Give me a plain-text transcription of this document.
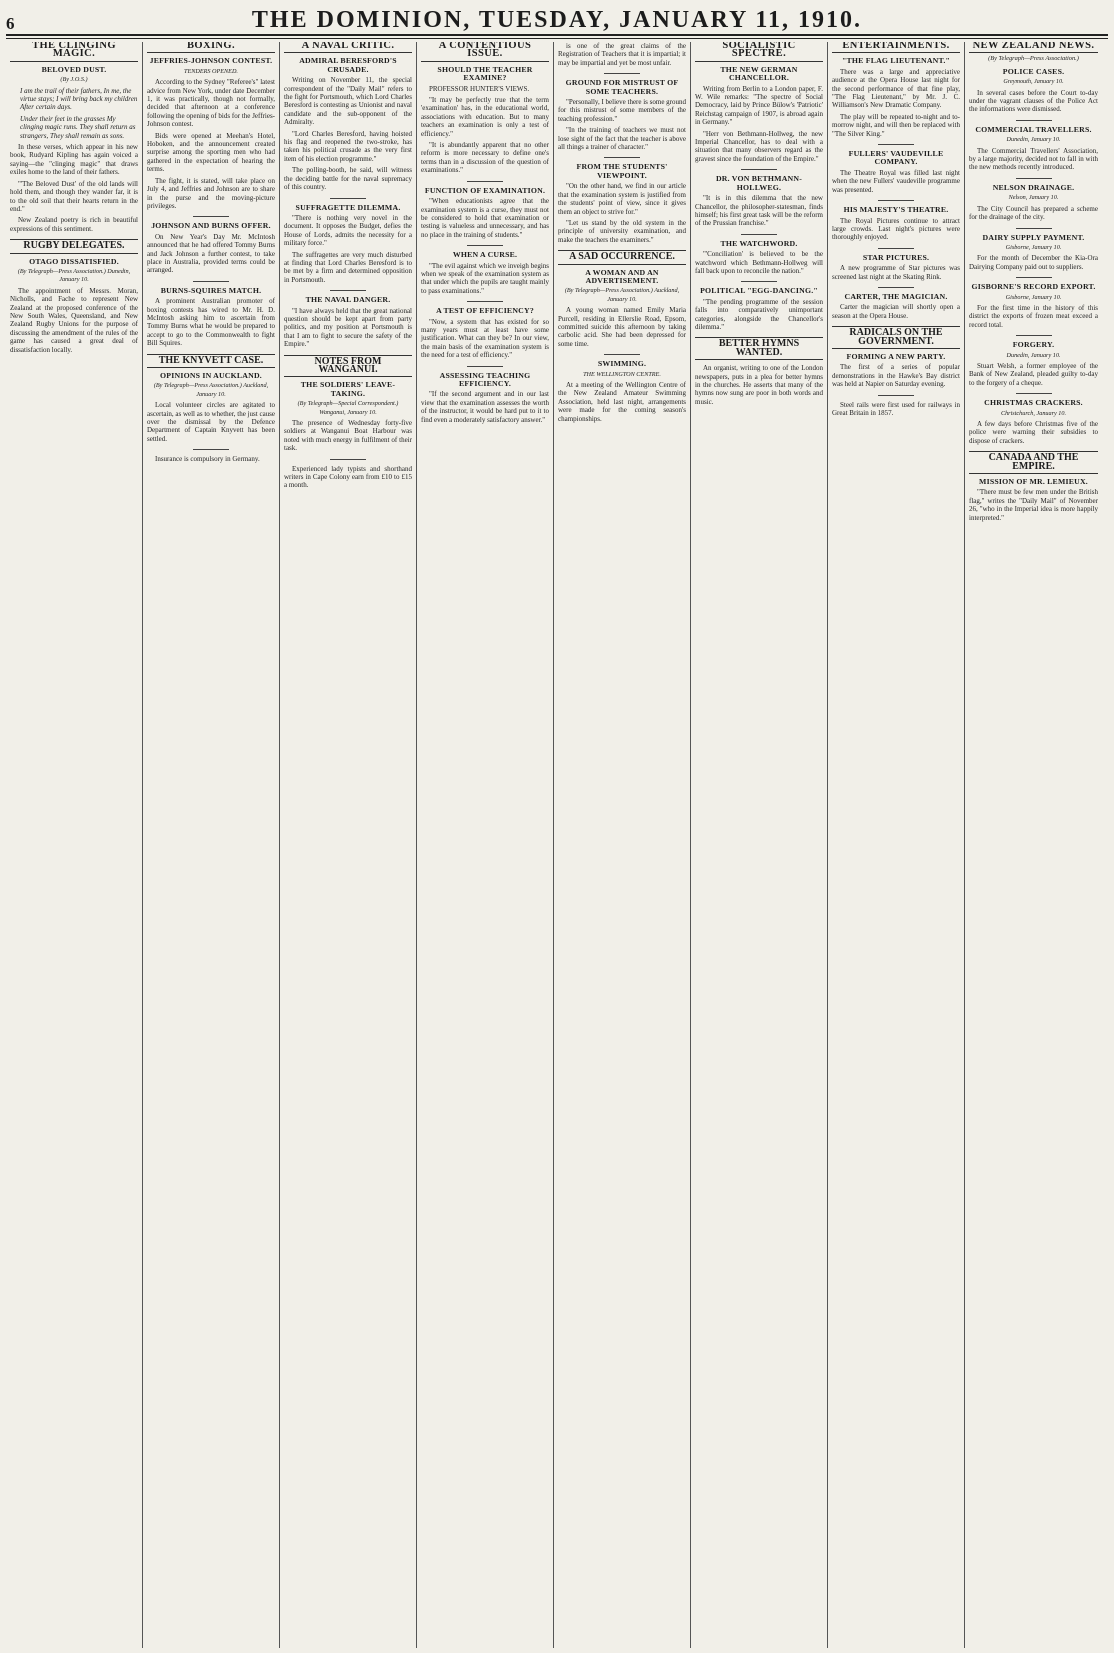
6	THE DOMINION, TUESDAY, JANUARY 11, 1910.
THE CLINGING MAGIC.
BELOVED DUST.
(By J.O.S.)

I am the trail of their fathers, In me, the virtue stays; I will bring back my children After certain days.

Under their feet in the grasses My clinging magic runs. They shall return as strangers, They shall remain as sons.

In these verses, which appear in his new book, Rudyard Kipling has again voiced a saying—the "clinging magic" that draws exiles home to the land of their fathers.

"'The Beloved Dust' of the old lands will hold them, and though they wander far, it is to the old soil that their hearts return in the end."

New Zealand poetry is rich in beautiful expressions of this sentiment.

RUGBY DELEGATES.
OTAGO DISSATISFIED.
(By Telegraph—Press Association.) Dunedin, January 10.

The appointment of Messrs. Moran, Nicholls, and Fache to represent New Zealand at the proposed conference of the New South Wales, Queensland, and New Zealand Rugby Unions for the purpose of discussing the amendment of the rules of the game has caused a great deal of dissatisfaction locally.

BOXING.
JEFFRIES-JOHNSON CONTEST.
TENDERS OPENED.

According to the Sydney "Referee's" latest advice from New York, under date December 1, it was practically, though not formally, decided that afternoon at a conference following the opening of bids for the Jeffries-Johnson contest.

Bids were opened at Meehan's Hotel, Hoboken, and the announcement created surprise among the sporting men who had gathered in the expectation of hearing the terms.

The fight, it is stated, will take place on July 4, and Jeffries and Johnson are to share in the purse and the moving-picture privileges.

JOHNSON AND BURNS OFFER.

On New Year's Day Mr. McIntosh announced that he had offered Tommy Burns and Jack Johnson a further contest, to take place in Australia, provided terms could be arranged.

BURNS-SQUIRES MATCH.

A prominent Australian promoter of boxing contests has wired to Mr. H. D. McIntosh asking him to ascertain from Tommy Burns what he would be prepared to accept to go to the Commonwealth to fight Bill Squires.

THE KNYVETT CASE.
OPINIONS IN AUCKLAND.
(By Telegraph—Press Association.) Auckland, January 10.

Local volunteer circles are agitated to ascertain, as well as to whether, the just cause over the dismissal by the Defence Department of Captain Knyvett has been settled.

Insurance is compulsory in Germany.

A NAVAL CRITIC.
ADMIRAL BERESFORD'S CRUSADE.

Writing on November 11, the special correspondent of the "Daily Mail" refers to the fight for Portsmouth, which Lord Charles Beresford is contesting as Unionist and naval candidate and the sub-opponent of the Admiralty.

"Lord Charles Beresford, having hoisted his flag and reopened the two-stroke, has taken his political crusade as the very first item of his election programme."

The polling-booth, he said, will witness the deciding battle for the naval supremacy of this country.

SUFFRAGETTE DILEMMA.

"There is nothing very novel in the document. It opposes the Budget, defies the House of Lords, admits the necessity for a military force."

The suffragettes are very much disturbed at finding that Lord Charles Beresford is to be met by a firm and determined opposition in Portsmouth.

THE NAVAL DANGER.

"I have always held that the great national question should be kept apart from party politics, and my position at Portsmouth is that I am to fight to secure the safety of the Empire."

NOTES FROM WANGANUI.
THE SOLDIERS' LEAVE-TAKING.
(By Telegraph—Special Correspondent.) Wanganui, January 10.

The presence of Wednesday forty-five soldiers at Wanganui Boat Harbour was noted with much energy in fulfilment of their task.

Experienced lady typists and shorthand writers in Cape Colony earn from £10 to £15 a month.

A CONTENTIOUS ISSUE.
SHOULD THE TEACHER EXAMINE?

PROFESSOR HUNTER'S VIEWS.

"It may be perfectly true that the term 'examination' has, in the educational world, associations with education. But to many teachers an examination is only a test of efficiency."

"It is abundantly apparent that no other reform is more necessary to define one's terms than in a discussion of the question of examinations."

FUNCTION OF EXAMINATION.

"When educationists agree that the examination system is a curse, they must not be considered to hold that examination or testing is valueless and unnecessary, and has no place in the training of students."

WHEN A CURSE.

"The evil against which we inveigh begins when we speak of the examination system as that under which the pupils are taught mainly to pass examinations."

A TEST OF EFFICIENCY?

"Now, a system that has existed for so many years must at least have some justification. What can they be? In our view, the main basis of the examination system is the need for a test of efficiency."

ASSESSING TEACHING EFFICIENCY.

"If the second argument and in our last view that the examination assesses the worth of the instructor, it would be hard put to it to find even a moderately satisfactory answer."

is one of the great claims of the Registration of Teachers that it is impartial; it may be impartial and yet be most unfair.

GROUND FOR MISTRUST OF SOME TEACHERS.

"Personally, I believe there is some ground for this mistrust of some members of the teaching profession."

"In the training of teachers we must not lose sight of the fact that the teacher is above all things a trainer of character."

FROM THE STUDENTS' VIEWPOINT.

"On the other hand, we find in our article that the examination system is justified from the students' point of view, since it gives them an object to strive for."

"Let us stand by the old system in the principle of university examination, and make the teachers the examiners."

A SAD OCCURRENCE.
A WOMAN AND AN ADVERTISEMENT.
(By Telegraph—Press Association.) Auckland, January 10.

A young woman named Emily Maria Purcell, residing in Ellerslie Road, Epsom, committed suicide this afternoon by taking carbolic acid. She had been depressed for some time.

SWIMMING.
THE WELLINGTON CENTRE.

At a meeting of the Wellington Centre of the New Zealand Amateur Swimming Association, held last night, arrangements were made for the coming season's championships.

SOCIALISTIC SPECTRE.
THE NEW GERMAN CHANCELLOR.

Writing from Berlin to a London paper, F. W. Wile remarks: "The spectre of Social Democracy, laid by Prince Bülow's 'Patriotic' Reichstag campaign of 1907, is abroad again in Germany."

"Herr von Bethmann-Hollweg, the new Imperial Chancellor, has to deal with a situation that many observers regard as the gravest since the foundation of the Empire."

DR. VON BETHMANN-HOLLWEG.

"It is in this dilemma that the new Chancellor, the philosopher-statesman, finds himself; his first great task will be the reform of the Prussian franchise."

THE WATCHWORD.

"'Conciliation' is believed to be the watchword which Bethmann-Hollweg will fall back upon to reconcile the nation."

POLITICAL "EGG-DANCING."

"The pending programme of the session falls into comparatively unimportant categories, alongside the Chancellor's dilemma."

BETTER HYMNS WANTED.

An organist, writing to one of the London newspapers, puts in a plea for better hymns in the churches. He asserts that many of the hymns now sung are poor in both words and music.

ENTERTAINMENTS.
"THE FLAG LIEUTENANT."

There was a large and appreciative audience at the Opera House last night for the second performance of that fine play, "The Flag Lieutenant," by Mr. J. C. Williamson's New Dramatic Company.

The play will be repeated to-night and to-morrow night, and will then be replaced with "The Silver King."

FULLERS' VAUDEVILLE COMPANY.

The Theatre Royal was filled last night when the new Fullers' vaudeville programme was presented.

HIS MAJESTY'S THEATRE.

The Royal Pictures continue to attract large crowds. Last night's pictures were thoroughly enjoyed.

STAR PICTURES.

A new programme of Star pictures was screened last night at the Skating Rink.

CARTER, THE MAGICIAN.

Carter the magician will shortly open a season at the Opera House.

RADICALS ON THE GOVERNMENT.
FORMING A NEW PARTY.

The first of a series of popular demonstrations in the Hawke's Bay district was held at Napier on Saturday evening.

Steel rails were first used for railways in Great Britain in 1857.

NEW ZEALAND NEWS.
(By Telegraph—Press Association.)
POLICE CASES.
Greymouth, January 10.

In several cases before the Court to-day under the vagrant clauses of the Police Act the informations were dismissed.

COMMERCIAL TRAVELLERS.
Dunedin, January 10.

The Commercial Travellers' Association, by a large majority, decided not to fall in with the new methods recently introduced.

NELSON DRAINAGE.
Nelson, January 10.

The City Council has prepared a scheme for the drainage of the city.

DAIRY SUPPLY PAYMENT.
Gisborne, January 10.

For the month of December the Kia-Ora Dairying Company paid out to suppliers.

GISBORNE'S RECORD EXPORT.
Gisborne, January 10.

For the first time in the history of this district the exports of frozen meat exceed a record total.

FORGERY.
Dunedin, January 10.

Stuart Welsh, a former employee of the Bank of New Zealand, pleaded guilty to-day to the forgery of a cheque.

CHRISTMAS CRACKERS.
Christchurch, January 10.

A few days before Christmas five of the police were warning their subsidies to dispose of crackers.

CANADA AND THE EMPIRE.
MISSION OF MR. LEMIEUX.

"There must be few men under the British flag," writes the "Daily Mail" of November 26, "who in the Imperial idea is more happily interpreted."
